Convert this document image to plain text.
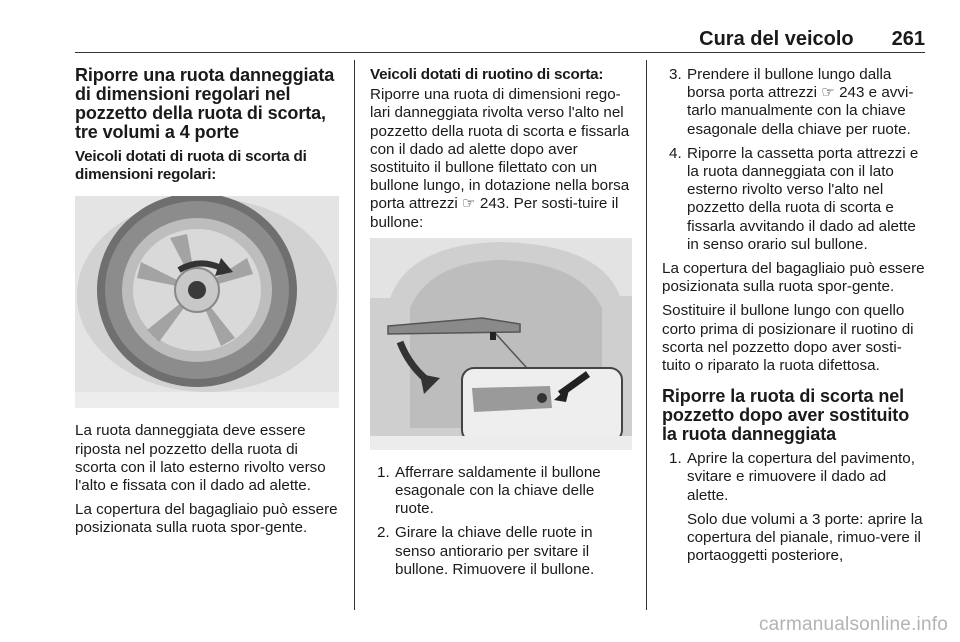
Cura del veicolo 261
Riporre una ruota danneggiata di dimensioni regolari nel pozzetto della ruota di scorta, tre volumi a 4 porte
Veicoli dotati di ruota di scorta di dimensioni regolari:

La ruota danneggiata deve essere riposta nel pozzetto della ruota di scorta con il lato esterno rivolto verso l'alto e fissata con il dado ad alette.

La copertura del bagagliaio può essere posizionata sulla ruota spor-gente.

Veicoli dotati di ruotino di scorta:

Riporre una ruota di dimensioni rego-lari danneggiata rivolta verso l'alto nel pozzetto della ruota di scorta e fissarla con il dado ad alette dopo aver sostituito il bullone filettato con un bullone lungo, in dotazione nella borsa porta attrezzi ☞ 243. Per sosti-tuire il bullone:

1. Afferrare saldamente il bullone esagonale con la chiave delle ruote.
2. Girare la chiave delle ruote in senso antiorario per svitare il bullone. Rimuovere il bullone.
3. Prendere il bullone lungo dalla borsa porta attrezzi ☞ 243 e avvi-tarlo manualmente con la chiave esagonale della chiave per ruote.
4. Riporre la cassetta porta attrezzi e la ruota danneggiata con il lato esterno rivolto verso l'alto nel pozzetto della ruota di scorta e fissarla avvitando il dado ad alette in senso orario sul bullone.

La copertura del bagagliaio può essere posizionata sulla ruota spor-gente.

Sostituire il bullone lungo con quello corto prima di posizionare il ruotino di scorta nel pozzetto dopo aver sosti-tuito o riparato la ruota difettosa.

Riporre la ruota di scorta nel pozzetto dopo aver sostituito la ruota danneggiata
1. Aprire la copertura del pavimento, svitare e rimuovere il dado ad alette.
Solo due volumi a 3 porte: aprire la copertura del pianale, rimuo-vere il portaoggetti posteriore,
carmanualsonline.info
